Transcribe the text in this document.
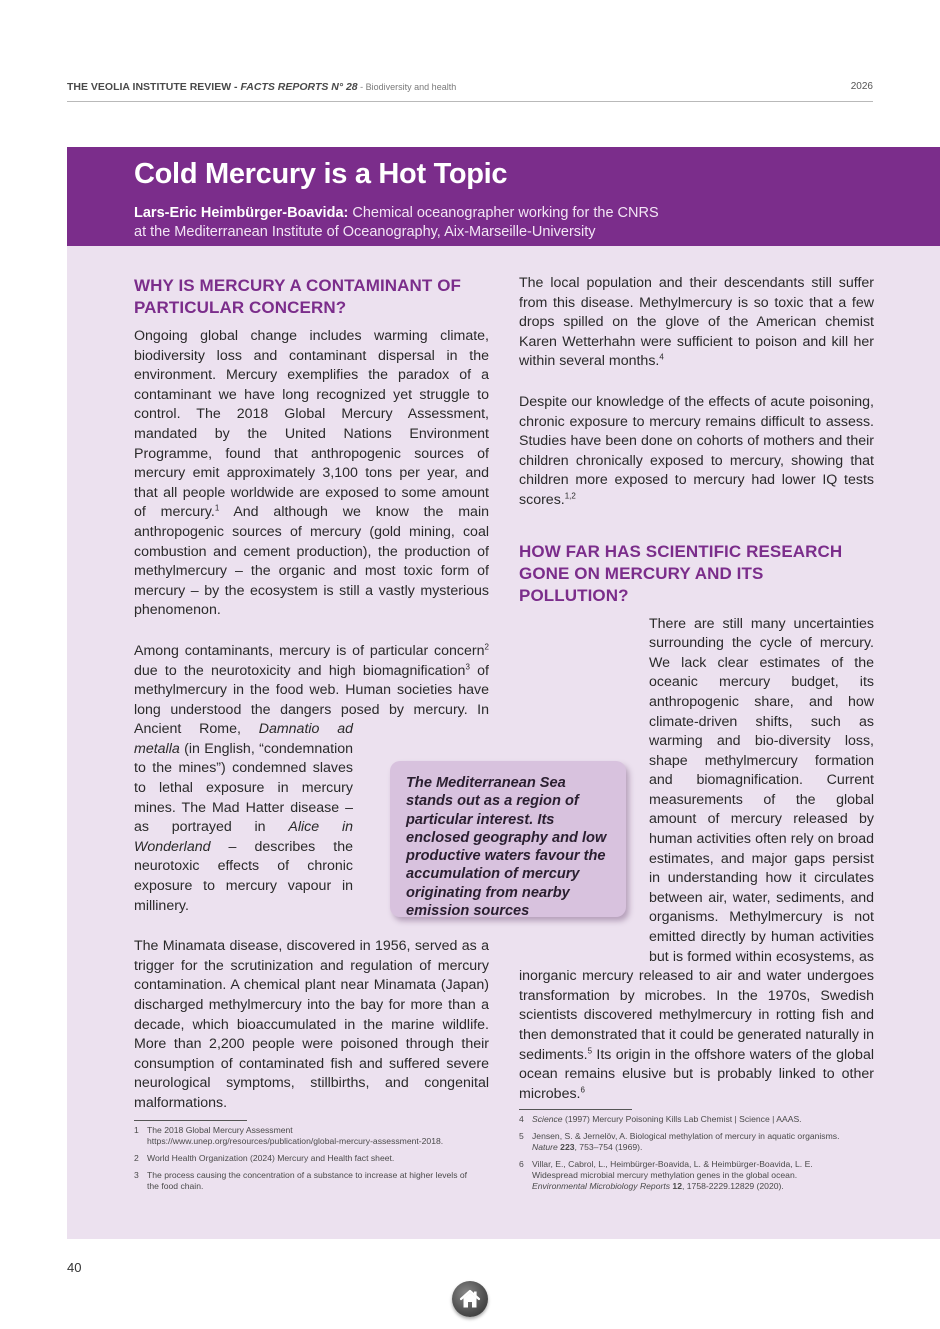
THE VEOLIA INSTITUTE REVIEW - FACTS REPORTS N° 28 - Biodiversity and health	2026
Cold Mercury is a Hot Topic
Lars-Eric Heimbürger-Boavida: Chemical oceanographer working for the CNRS
at the Mediterranean Institute of Oceanography, Aix-Marseille-University
WHY IS MERCURY A CONTAMINANT OF PARTICULAR CONCERN?

Ongoing global change includes warming climate, biodiversity loss and contaminant dispersal in the environment. Mercury exemplifies the paradox of a contaminant we have long recognized yet struggle to control. The 2018 Global Mercury Assessment, mandated by the United Nations Environment Programme, found that anthropogenic sources of mercury emit approximately 3,100 tons per year, and that all people worldwide are exposed to some amount of mercury.$^1$ And although we know the main anthropogenic sources of mercury (gold mining, coal combustion and cement production), the production of methylmercury – the organic and most toxic form of mercury – by the ecosystem is still a vastly mysterious phenomenon.

Among contaminants, mercury is of particular concern$^2$ due to the neurotoxicity and high biomagnification$^3$ of methylmercury in the food web. Human societies have long understood the dangers posed by mercury. In Ancient Rome,
Damnatio ad metalla (in English, “condemnation to the mines”) condemned slaves to lethal exposure in mercury mines. The Mad Hatter disease – as portrayed in Alice in Wonderland – describes the neurotoxic effects of chronic exposure to mercury vapour in millinery.

The Minamata disease, discovered in 1956, served as a trigger for the scrutinization and regulation of mercury contamination. A chemical plant near Minamata (Japan) discharged methylmercury into the bay for more than a decade, which bioaccumulated in the marine wildlife. More than 2,200 people were poisoned through their consumption of contaminated fish and suffered severe neurological symptoms, stillbirths, and congenital malformations.

The local population and their descendants still suffer from this disease. Methylmercury is so toxic that a few drops spilled on the glove of the American chemist Karen Wetterhahn were sufficient to poison and kill her within several months.$^4$

Despite our knowledge of the effects of acute poisoning, chronic exposure to mercury remains difficult to assess. Studies have been done on cohorts of mothers and their children chronically exposed to mercury, showing that children more exposed to mercury had lower IQ tests scores.$^{1,2}$

HOW FAR HAS SCIENTIFIC RESEARCH GONE ON MERCURY AND ITS POLLUTION?

There are still many uncertainties surrounding the cycle of mercury. We lack clear estimates of the oceanic mercury budget, its anthropogenic share, and how climate-driven shifts, such as warming and bio-diversity loss, shape methylmercury formation and biomagnification. Current measurements of the global amount of mercury released by human activities often rely on broad estimates, and major gaps persist in understanding how it circulates between air, water, sediments, and organisms. Methylmercury is not emitted directly by human activities but is formed within ecosystems, as inorganic mercury released to air and water undergoes transformation by microbes. In the 1970s, Swedish scientists discovered methylmercury in rotting fish and then demonstrated that it could be generated naturally in sediments.$^5$ Its origin in the offshore waters of the global ocean remains elusive but is probably linked to other microbes.$^6$

The Mediterranean Sea stands out as a region of particular interest. Its enclosed geography and low productive waters favour the accumulation of mercury originating from nearby emission sources

1 The 2018 Global Mercury Assessment https://www.unep.org/resources/publication/global-mercury-assessment-2018.
2 World Health Organization (2024) Mercury and Health fact sheet.
3 The process causing the concentration of a substance to increase at higher levels of the food chain.
4 Science (1997) Mercury Poisoning Kills Lab Chemist | Science | AAAS.
5 Jensen, S. & Jernelöv, A. Biological methylation of mercury in aquatic organisms. Nature 223, 753–754 (1969).
6 Villar, E., Cabrol, L., Heimbürger-Boavida, L. & Heimbürger-Boavida, L. E. Widespread microbial mercury methylation genes in the global ocean. Environmental Microbiology Reports 12, 1758-2229.12829 (2020).
40
